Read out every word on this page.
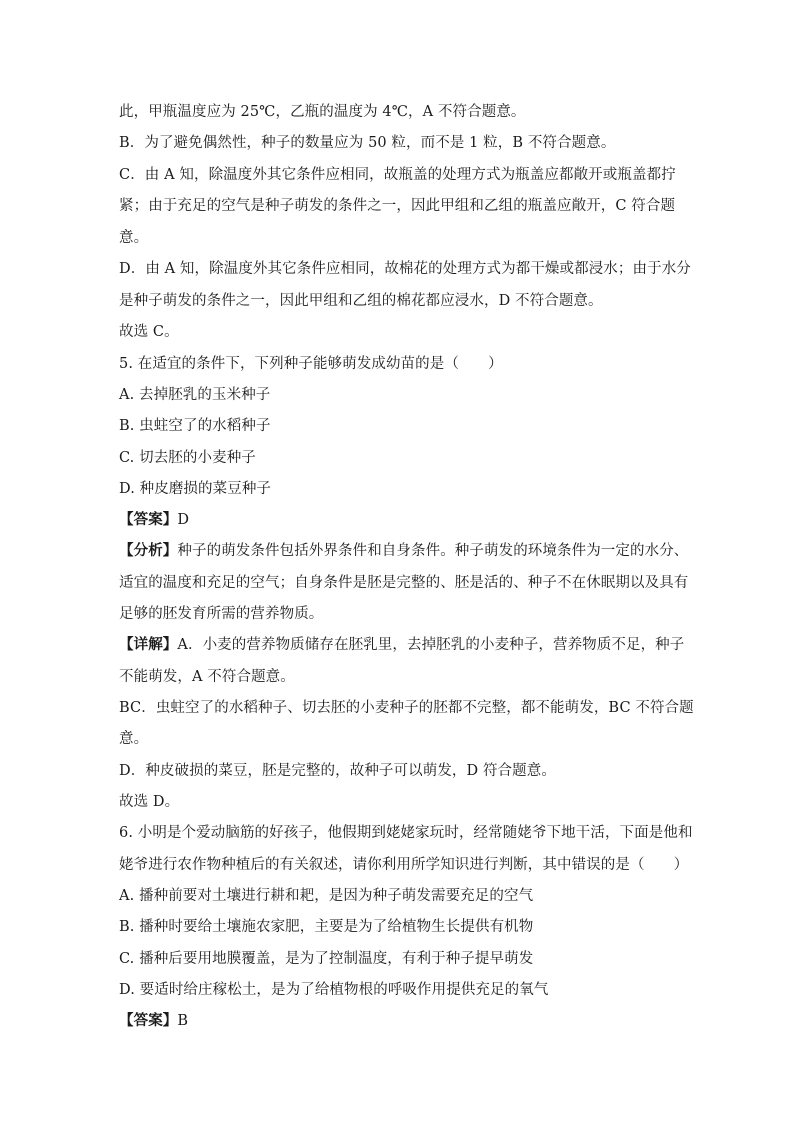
此，甲瓶温度应为 25℃，乙瓶的温度为 4℃，A 不符合题意。
B．为了避免偶然性，种子的数量应为 50 粒，而不是 1 粒，B 不符合题意。
C．由 A 知，除温度外其它条件应相同，故瓶盖的处理方式为瓶盖应都敞开或瓶盖都拧
紧；由于充足的空气是种子萌发的条件之一，因此甲组和乙组的瓶盖应敞开，C 符合题
意。
D．由 A 知，除温度外其它条件应相同，故棉花的处理方式为都干燥或都浸水；由于水分
是种子萌发的条件之一，因此甲组和乙组的棉花都应浸水，D 不符合题意。
故选 C。
5. 在适宜的条件下，下列种子能够萌发成幼苗的是（　　）
A. 去掉胚乳的玉米种子
B. 虫蛀空了的水稻种子
C. 切去胚的小麦种子
D. 种皮磨损的菜豆种子
【答案】D
【分析】种子的萌发条件包括外界条件和自身条件。种子萌发的环境条件为一定的水分、
适宜的温度和充足的空气；自身条件是胚是完整的、胚是活的、种子不在休眠期以及具有
足够的胚发育所需的营养物质。
【详解】A．小麦的营养物质储存在胚乳里，去掉胚乳的小麦种子，营养物质不足，种子
不能萌发，A 不符合题意。
BC．虫蛀空了的水稻种子、切去胚的小麦种子的胚都不完整，都不能萌发，BC 不符合题
意。
D．种皮破损的菜豆，胚是完整的，故种子可以萌发，D 符合题意。
故选 D。
6. 小明是个爱动脑筋的好孩子，他假期到姥姥家玩时，经常随姥爷下地干活，下面是他和
姥爷进行农作物种植后的有关叙述，请你利用所学知识进行判断，其中错误的是（　　）
A. 播种前要对土壤进行耕和耙，是因为种子萌发需要充足的空气
B. 播种时要给土壤施农家肥，主要是为了给植物生长提供有机物
C. 播种后要用地膜覆盖，是为了控制温度，有利于种子提早萌发
D. 要适时给庄稼松土，是为了给植物根的呼吸作用提供充足的氧气
【答案】B
